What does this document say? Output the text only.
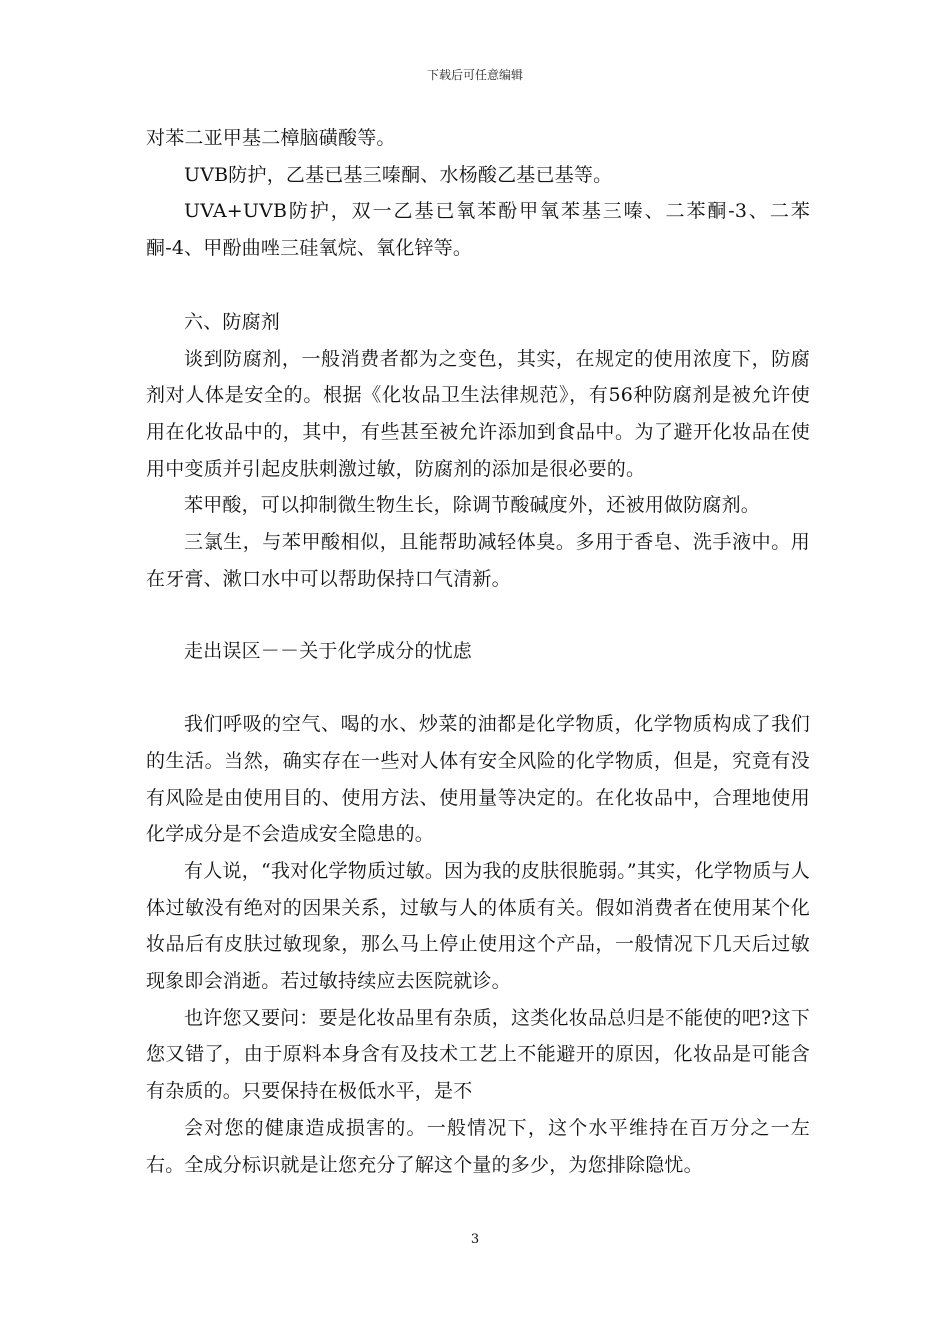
下载后可任意编辑

对苯二亚甲基二樟脑磺酸等。

UVB防护，乙基已基三嗪酮、水杨酸乙基已基等。

UVA+UVB防护，双一乙基已氧苯酚甲氧苯基三嗪、二苯酮-3、二苯酮-4、甲酚曲唑三硅氧烷、氧化锌等。

六、防腐剂

谈到防腐剂，一般消费者都为之变色，其实，在规定的使用浓度下，防腐剂对人体是安全的。根据《化妆品卫生法律规范》，有56种防腐剂是被允许使用在化妆品中的，其中，有些甚至被允许添加到食品中。为了避开化妆品在使用中变质并引起皮肤刺激过敏，防腐剂的添加是很必要的。

苯甲酸，可以抑制微生物生长，除调节酸碱度外，还被用做防腐剂。

三氯生，与苯甲酸相似，且能帮助减轻体臭。多用于香皂、洗手液中。用在牙膏、漱口水中可以帮助保持口气清新。

走出误区－－关于化学成分的忧虑

我们呼吸的空气、喝的水、炒菜的油都是化学物质，化学物质构成了我们的生活。当然，确实存在一些对人体有安全风险的化学物质，但是，究竟有没有风险是由使用目的、使用方法、使用量等决定的。在化妆品中，合理地使用化学成分是不会造成安全隐患的。

有人说，“我对化学物质过敏。因为我的皮肤很脆弱。”其实，化学物质与人体过敏没有绝对的因果关系，过敏与人的体质有关。假如消费者在使用某个化妆品后有皮肤过敏现象，那么马上停止使用这个产品，一般情况下几天后过敏现象即会消逝。若过敏持续应去医院就诊。

也许您又要问：要是化妆品里有杂质，这类化妆品总归是不能使的吧?这下您又错了，由于原料本身含有及技术工艺上不能避开的原因，化妆品是可能含有杂质的。只要保持在极低水平，是不

会对您的健康造成损害的。一般情况下，这个水平维持在百万分之一左右。全成分标识就是让您充分了解这个量的多少，为您排除隐忧。

3
